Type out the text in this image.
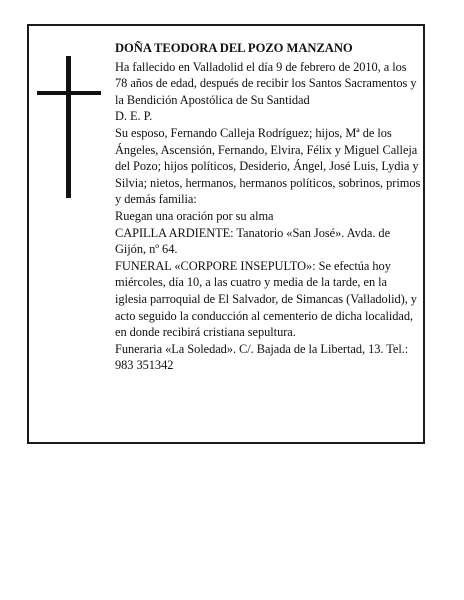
DOÑA TEODORA DEL POZO MANZANO

Ha fallecido en Valladolid el día 9 de febrero de 2010, a los 78 años de edad, después de recibir los Santos Sacramentos y la Bendición Apostólica de Su Santidad

D. E. P.

Su esposo, Fernando Calleja Rodríguez; hijos, Mª de los Ángeles, Ascensión, Fernando, Elvira, Félix y Miguel Calleja del Pozo; hijos políticos, Desiderio, Ángel, José Luis, Lydia y Silvia; nietos, hermanos, hermanos políticos, sobrinos, primos y demás familia:

Ruegan una oración por su alma

CAPILLA ARDIENTE: Tanatorio «San José». Avda. de Gijón, nº 64.

FUNERAL «CORPORE INSEPULTO»: Se efectúa hoy miércoles, día 10, a las cuatro y media de la tarde, en la iglesia parroquial de El Salvador, de Simancas (Valladolid), y acto seguido la conducción al cementerio de dicha localidad, en donde recibirá cristiana sepultura.

Funeraria «La Soledad». C/. Bajada de la Libertad, 13. Tel.: 983 351342
